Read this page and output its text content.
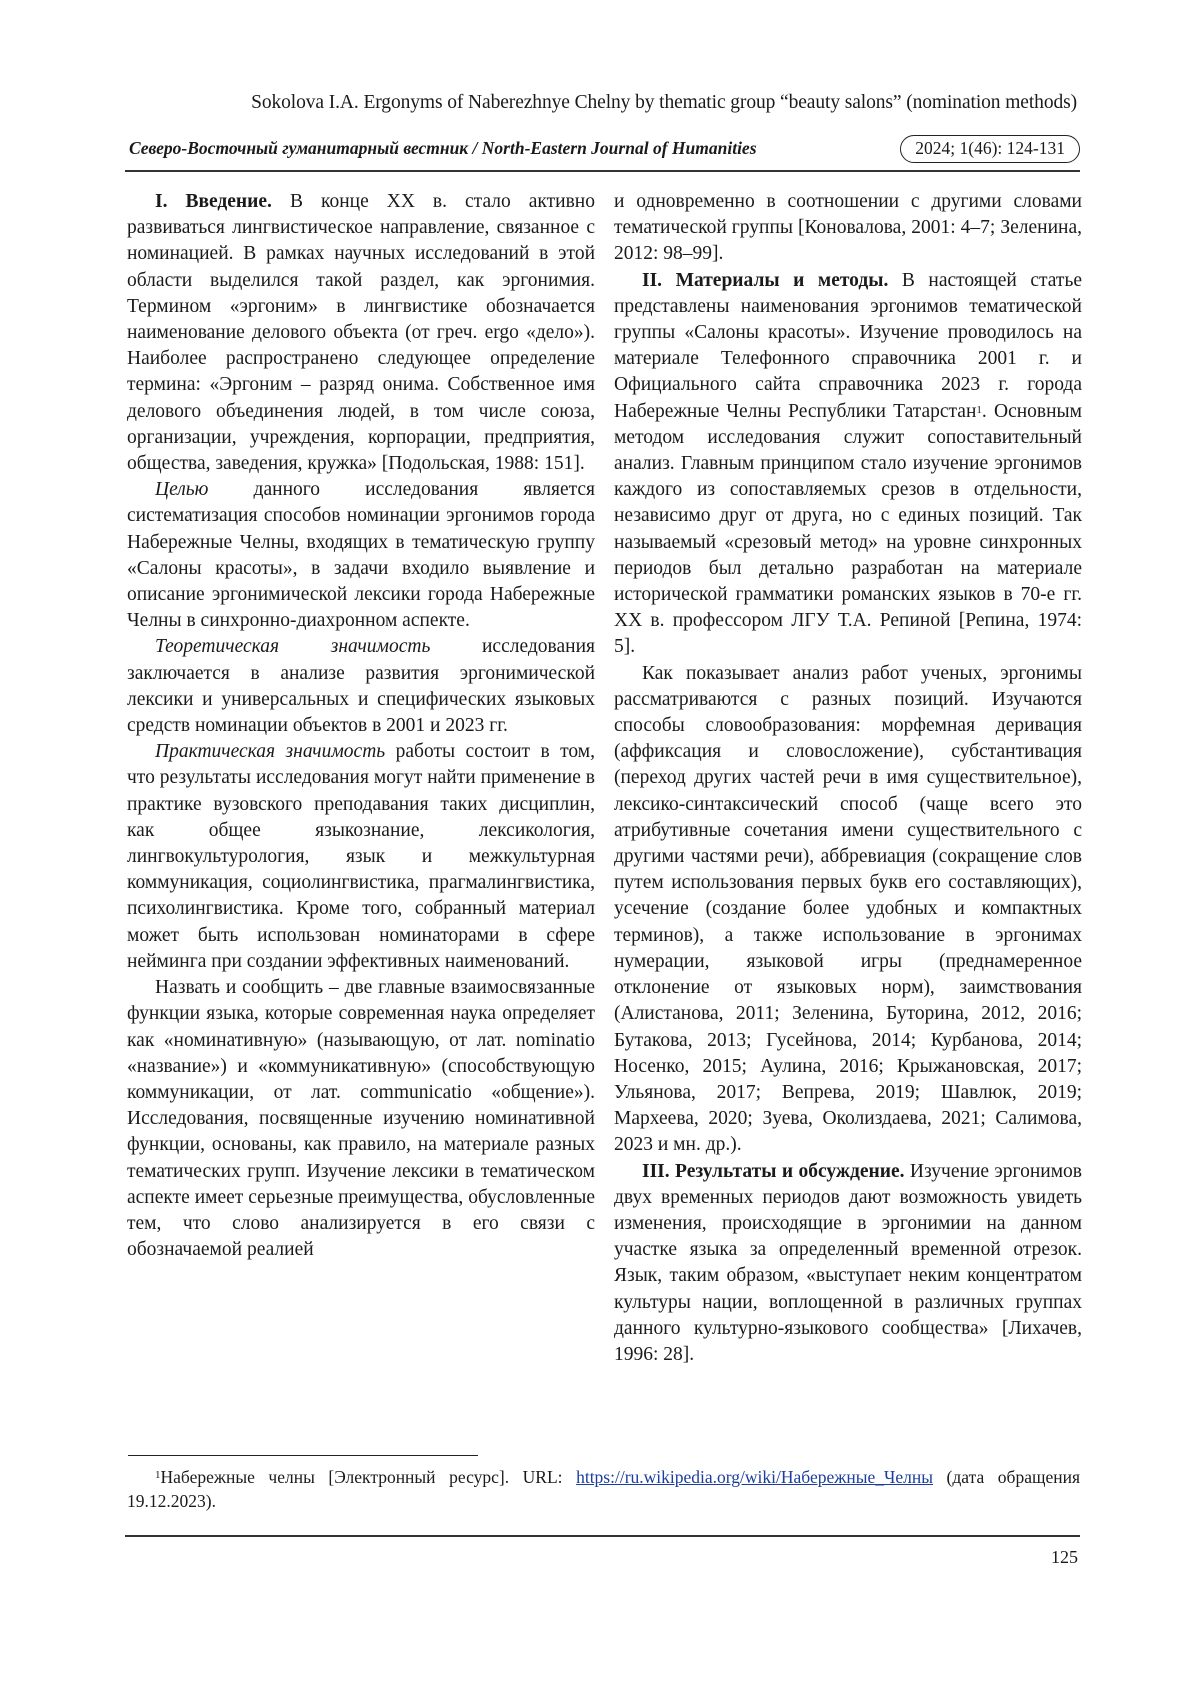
Sokolova I.A. Ergonyms of Naberezhnye Chelny by thematic group “beauty salons” (nomination methods)
Северо-Восточный гуманитарный вестник / North-Eastern Journal of Humanities	2024; 1(46): 124-131

I. Введение. В конце XX в. стало активно развиваться лингвистическое направление, связанное с номинацией. В рамках научных исследований в этой области выделился такой раздел, как эргонимия. Термином «эргоним» в лингвистике обозначается наименование делового объекта (от греч. ergo «дело»). Наиболее распространено следующее определение термина: «Эргоним – разряд онима. Собственное имя делового объединения людей, в том числе союза, организации, учреждения, корпорации, предприятия, общества, заведения, кружка» [Подольская, 1988: 151].

Целью данного исследования является систематизация способов номинации эргонимов города Набережные Челны, входящих в тематическую группу «Салоны красоты», в задачи входило выявление и описание эргонимической лексики города Набережные Челны в синхронно-диахронном аспекте.

Теоретическая значимость исследования заключается в анализе развития эргонимической лексики и универсальных и специфических языковых средств номинации объектов в 2001 и 2023 гг.

Практическая значимость работы состоит в том, что результаты исследования могут найти применение в практике вузовского преподавания таких дисциплин, как общее языкознание, лексикология, лингвокультурология, язык и межкультурная коммуникация, социолингвистика, прагмалингвистика, психолингвистика. Кроме того, собранный материал может быть использован номинаторами в сфере нейминга при создании эффективных наименований.

Назвать и сообщить – две главные взаимосвязанные функции языка, которые современная наука определяет как «номинативную» (называющую, от лат. nominatio «название») и «коммуникативную» (способствующую коммуникации, от лат. communicatio «общение»). Исследования, посвященные изучению номинативной функции, основаны, как правило, на материале разных тематических групп. Изучение лексики в тематическом аспекте имеет серьезные преимущества, обусловленные тем, что слово анализируется в его связи с обозначаемой реалией

и одновременно в соотношении с другими словами тематической группы [Коновалова, 2001: 4–7; Зеленина, 2012: 98–99].

II. Материалы и методы. В настоящей статье представлены наименования эргонимов тематической группы «Салоны красоты». Изучение проводилось на материале Телефонного справочника 2001 г. и Официального сайта справочника 2023 г. города Набережные Челны Республики Татарстан$^1$. Основным методом исследования служит сопоставительный анализ. Главным принципом стало изучение эргонимов каждого из сопоставляемых срезов в отдельности, независимо друг от друга, но с единых позиций. Так называемый «срезовый метод» на уровне синхронных периодов был детально разработан на материале исторической грамматики романских языков в 70-е гг. XX в. профессором ЛГУ Т.А. Репиной [Репина, 1974: 5].

Как показывает анализ работ ученых, эргонимы рассматриваются с разных позиций. Изучаются способы словообразования: морфемная деривация (аффиксация и словосложение), субстантивация (переход других частей речи в имя существительное), лексико-синтаксический способ (чаще всего это атрибутивные сочетания имени существительного с другими частями речи), аббревиация (сокращение слов путем использования первых букв его составляющих), усечение (создание более удобных и компактных терминов), а также использование в эргонимах нумерации, языковой игры (преднамеренное отклонение от языковых норм), заимствования (Алистанова, 2011; Зеленина, Буторина, 2012, 2016; Бутакова, 2013; Гусейнова, 2014; Курбанова, 2014; Носенко, 2015; Аулина, 2016; Крыжановская, 2017; Ульянова, 2017; Вепрева, 2019; Шавлюк, 2019; Мархеева, 2020; Зуева, Околиздаева, 2021; Салимова, 2023 и мн. др.).

III. Результаты и обсуждение. Изучение эргонимов двух временных периодов дают возможность увидеть изменения, происходящие в эргонимии на данном участке языка за определенный временной отрезок. Язык, таким образом, «выступает неким концентратом культуры нации, воплощенной в различных группах данного культурно-языкового сообщества» [Лихачев, 1996: 28].

$^1$Набережные челны [Электронный ресурс]. URL: https://ru.wikipedia.org/wiki/Набережные_Челны (дата обращения 19.12.2023).
125
